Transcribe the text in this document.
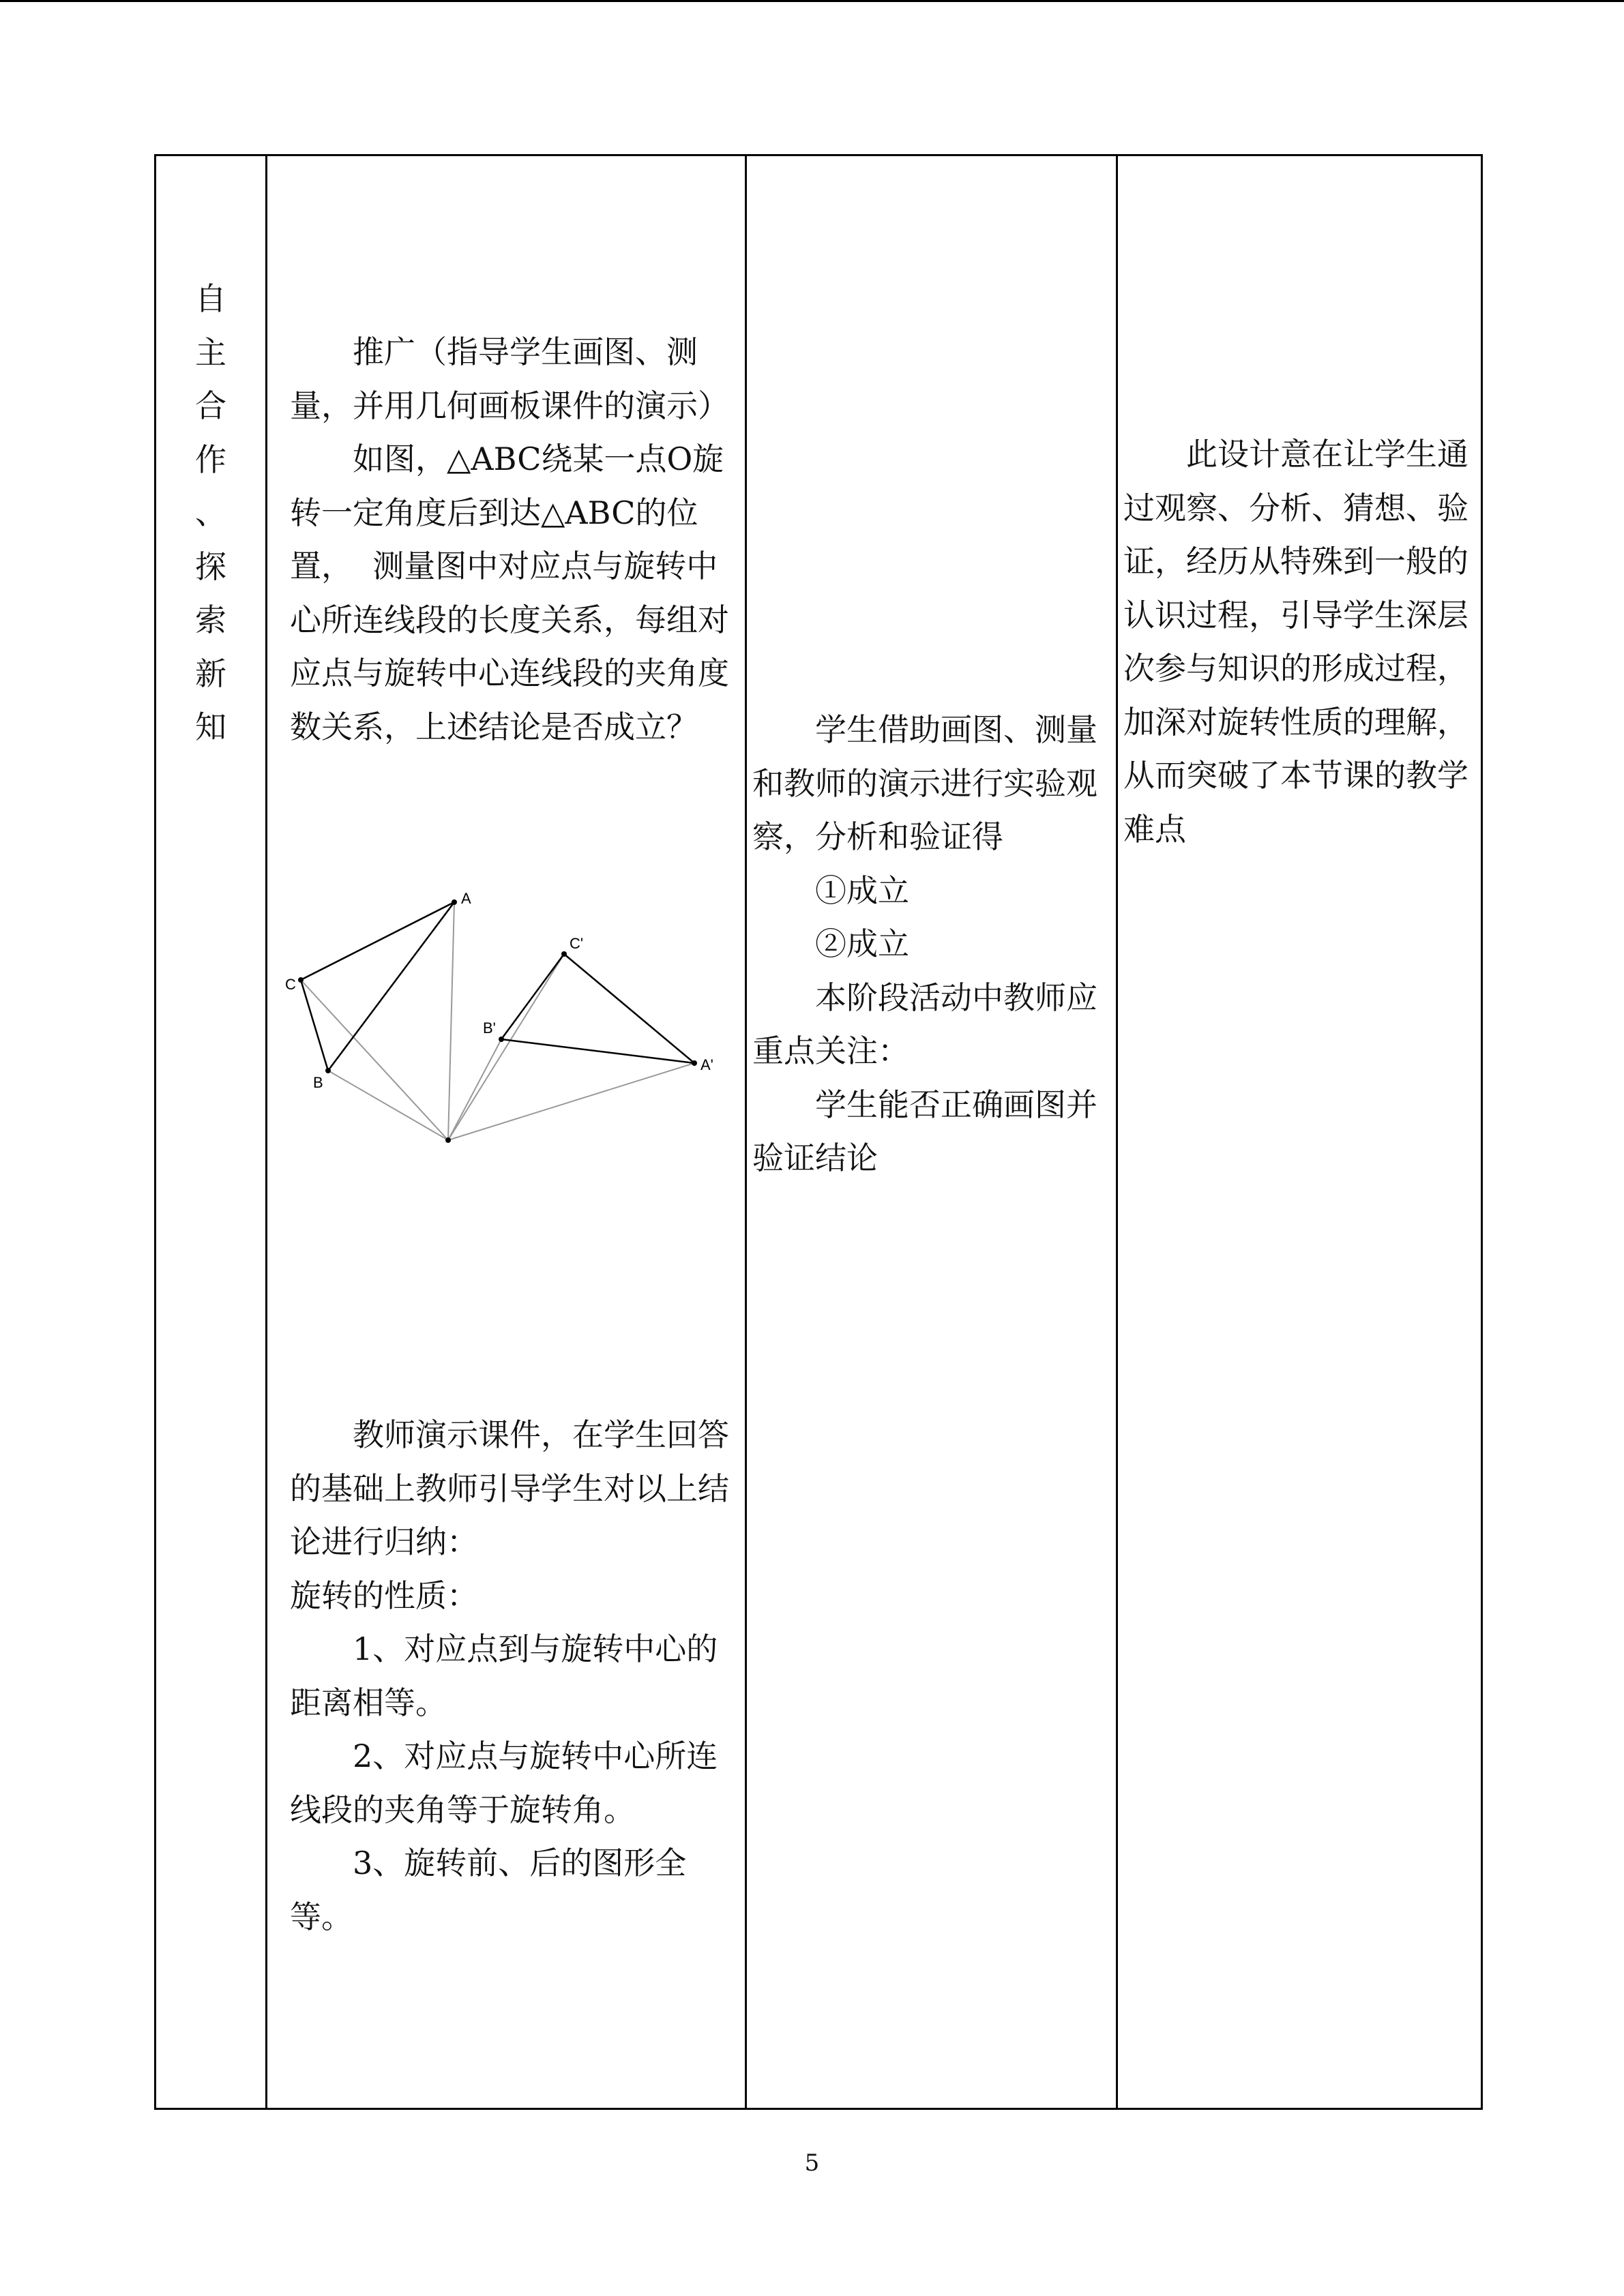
自
主
合
作
、
探
索
新
知

　　推广（指导学生画图、测量，并用几何画板课件的演示）

　　如图，△ABC绕某一点O旋转一定角度后到达△ABC的位置，  测量图中对应点与旋转中心所连线段的长度关系，每组对应点与旋转中心连线段的夹角度数关系，上述结论是否成立？

A
C
B
C'
B'
A'

　　教师演示课件，在学生回答的基础上教师引导学生对以上结论进行归纳：

旋转的性质：

　　1、对应点到与旋转中心的距离相等。

　　2、对应点与旋转中心所连线段的夹角等于旋转角。

　　3、旋转前、后的图形全等。

　　学生借助画图、测量和教师的演示进行实验观察，分析和验证得

　　①成立

　　②成立

　　本阶段活动中教师应重点关注：

　　学生能否正确画图并验证结论

　　此设计意在让学生通过观察、分析、猜想、验证，经历从特殊到一般的认识过程，引导学生深层次参与知识的形成过程，加深对旋转性质的理解，从而突破了本节课的教学难点

5
